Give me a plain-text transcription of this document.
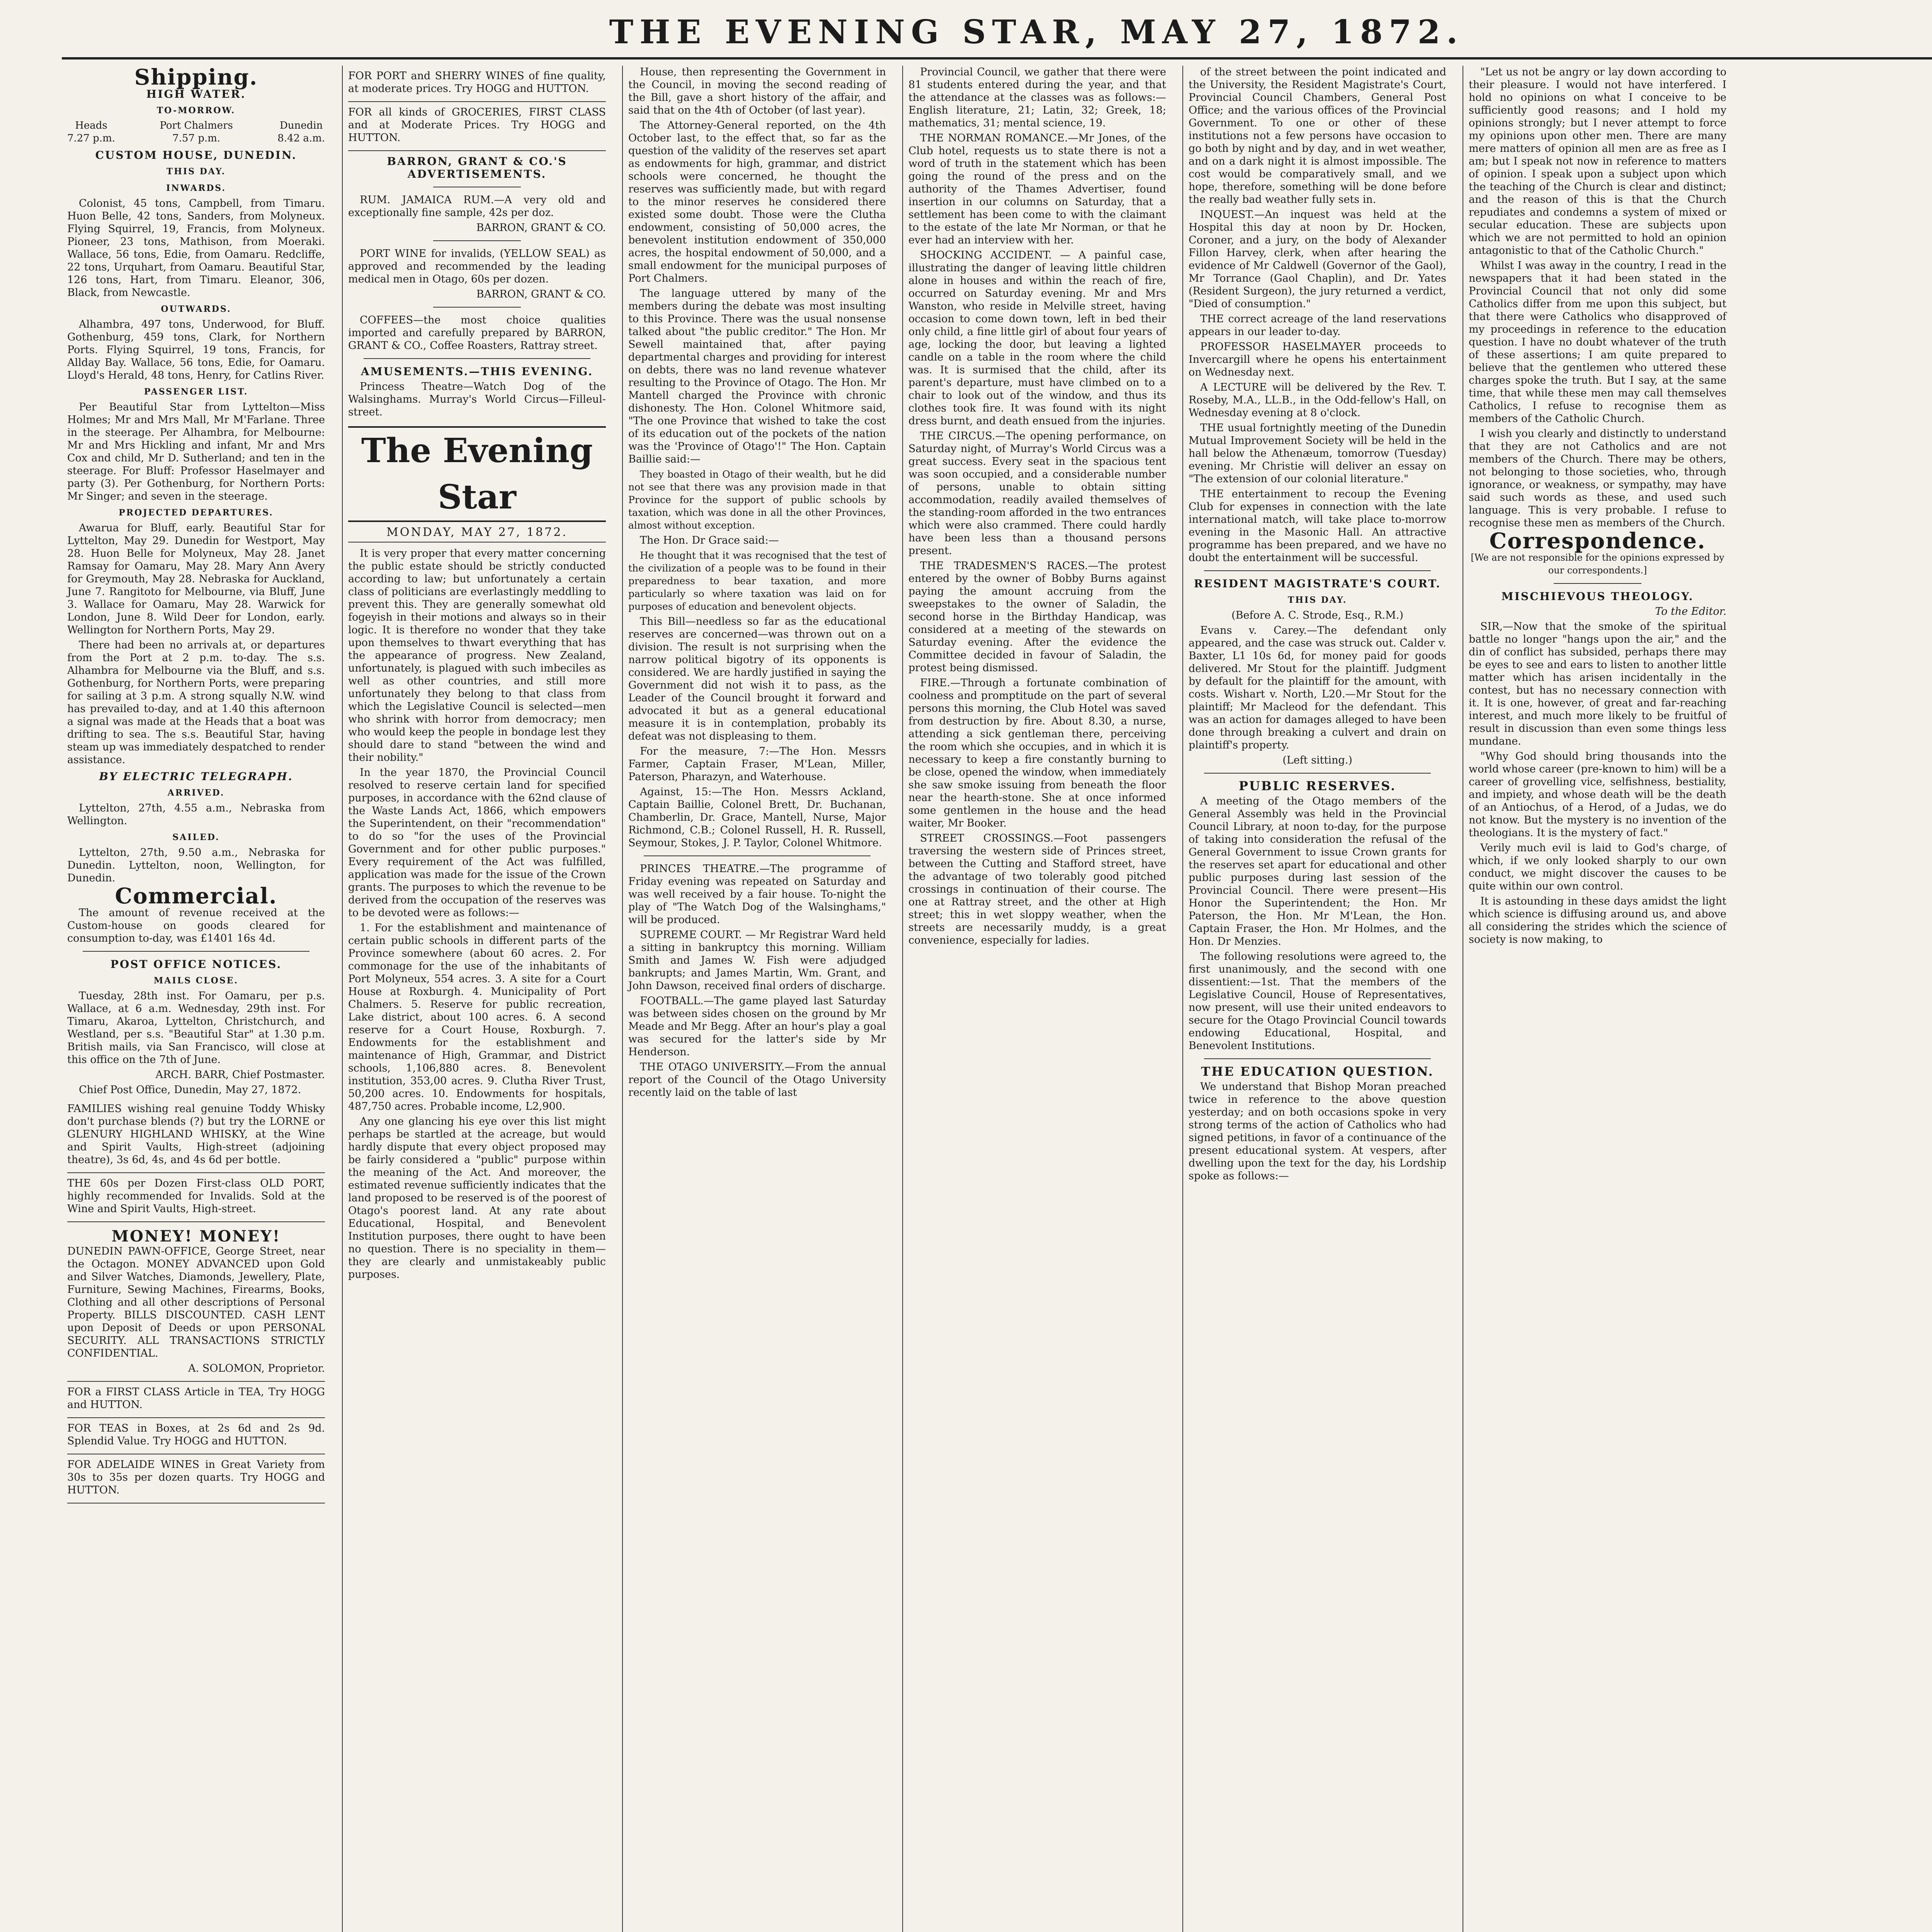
THE EVENING STAR, MAY 27, 1872.
Shipping.
HIGH WATER.
TO-MORROW.
Heads
7.27 p.m.
Port Chalmers
7.57 p.m.
Dunedin
8.42 a.m.
CUSTOM HOUSE, DUNEDIN.
THIS DAY.
INWARDS.

Colonist, 45 tons, Campbell, from Timaru. Huon Belle, 42 tons, Sanders, from Molyneux. Flying Squirrel, 19, Francis, from Molyneux. Pioneer, 23 tons, Mathison, from Moeraki. Wallace, 56 tons, Edie, from Oamaru. Redcliffe, 22 tons, Urquhart, from Oamaru. Beautiful Star, 126 tons, Hart, from Timaru. Eleanor, 306, Black, from Newcastle.

OUTWARDS.

Alhambra, 497 tons, Underwood, for Bluff. Gothenburg, 459 tons, Clark, for Northern Ports. Flying Squirrel, 19 tons, Francis, for Allday Bay. Wallace, 56 tons, Edie, for Oamaru. Lloyd's Herald, 48 tons, Henry, for Catlins River.

PASSENGER LIST.

Per Beautiful Star from Lyttelton—Miss Holmes; Mr and Mrs Mall, Mr M'Farlane. Three in the steerage. Per Alhambra, for Melbourne: Mr and Mrs Hickling and infant, Mr and Mrs Cox and child, Mr D. Sutherland; and ten in the steerage. For Bluff: Professor Haselmayer and party (3). Per Gothenburg, for Northern Ports: Mr Singer; and seven in the steerage.

PROJECTED DEPARTURES.

Awarua for Bluff, early. Beautiful Star for Lyttelton, May 29. Dunedin for Westport, May 28. Huon Belle for Molyneux, May 28. Janet Ramsay for Oamaru, May 28. Mary Ann Avery for Greymouth, May 28. Nebraska for Auckland, June 7. Rangitoto for Melbourne, via Bluff, June 3. Wallace for Oamaru, May 28. Warwick for London, June 8. Wild Deer for London, early. Wellington for Northern Ports, May 29.

There had been no arrivals at, or departures from the Port at 2 p.m. to-day. The s.s. Alhambra for Melbourne via the Bluff, and s.s. Gothenburg, for Northern Ports, were preparing for sailing at 3 p.m. A strong squally N.W. wind has prevailed to-day, and at 1.40 this afternoon a signal was made at the Heads that a boat was drifting to sea. The s.s. Beautiful Star, having steam up was immediately despatched to render assistance.

BY ELECTRIC TELEGRAPH.
ARRIVED.

Lyttelton, 27th, 4.55 a.m., Nebraska from Wellington.

SAILED.

Lyttelton, 27th, 9.50 a.m., Nebraska for Dunedin. Lyttelton, noon, Wellington, for Dunedin.

Commercial.

The amount of revenue received at the Custom-house on goods cleared for consumption to-day, was £1401 16s 4d.

POST OFFICE NOTICES.
MAILS CLOSE.

Tuesday, 28th inst. For Oamaru, per p.s. Wallace, at 6 a.m. Wednesday, 29th inst. For Timaru, Akaroa, Lyttelton, Christchurch, and Westland, per s.s. "Beautiful Star" at 1.30 p.m. British mails, via San Francisco, will close at this office on the 7th of June.

ARCH. BARR, Chief Postmaster.

Chief Post Office, Dunedin, May 27, 1872.

FAMILIES wishing real genuine Toddy Whisky don't purchase blends (?) but try the LORNE or GLENURY HIGHLAND WHISKY, at the Wine and Spirit Vaults, High-street (adjoining theatre), 3s 6d, 4s, and 4s 6d per bottle.

THE 60s per Dozen First-class OLD PORT, highly recommended for Invalids. Sold at the Wine and Spirit Vaults, High-street.

MONEY! MONEY!

DUNEDIN PAWN-OFFICE, George Street, near the Octagon. MONEY ADVANCED upon Gold and Silver Watches, Diamonds, Jewellery, Plate, Furniture, Sewing Machines, Firearms, Books, Clothing and all other descriptions of Personal Property. BILLS DISCOUNTED. CASH LENT upon Deposit of Deeds or upon PERSONAL SECURITY. ALL TRANSACTIONS STRICTLY CONFIDENTIAL.

A. SOLOMON, Proprietor.

FOR a FIRST CLASS Article in TEA, Try HOGG and HUTTON.

FOR TEAS in Boxes, at 2s 6d and 2s 9d. Splendid Value. Try HOGG and HUTTON.

FOR ADELAIDE WINES in Great Variety from 30s to 35s per dozen quarts. Try HOGG and HUTTON.

FOR PORT and SHERRY WINES of fine quality, at moderate prices. Try HOGG and HUTTON.

FOR all kinds of GROCERIES, FIRST CLASS and at Moderate Prices. Try HOGG and HUTTON.

BARRON, GRANT & CO.'S ADVERTISEMENTS.

RUM. JAMAICA RUM.—A very old and exceptionally fine sample, 42s per doz.

BARRON, GRANT & CO.

PORT WINE for invalids, (YELLOW SEAL) as approved and recommended by the leading medical men in Otago, 60s per dozen.

BARRON, GRANT & CO.

COFFEES—the most choice qualities imported and carefully prepared by BARRON, GRANT & CO., Coffee Roasters, Rattray street.

AMUSEMENTS.—THIS EVENING.

Princess Theatre—Watch Dog of the Walsinghams. Murray's World Circus—Filleul-street.

The Evening Star
MONDAY, MAY 27, 1872.

It is very proper that every matter concerning the public estate should be strictly conducted according to law; but unfortunately a certain class of politicians are everlastingly meddling to prevent this. They are generally somewhat old fogeyish in their motions and always so in their logic. It is therefore no wonder that they take upon themselves to thwart everything that has the appearance of progress. New Zealand, unfortunately, is plagued with such imbeciles as well as other countries, and still more unfortunately they belong to that class from which the Legislative Council is selected—men who shrink with horror from democracy; men who would keep the people in bondage lest they should dare to stand "between the wind and their nobility."

In the year 1870, the Provincial Council resolved to reserve certain land for specified purposes, in accordance with the 62nd clause of the Waste Lands Act, 1866, which empowers the Superintendent, on their "recommendation" to do so "for the uses of the Provincial Government and for other public purposes." Every requirement of the Act was fulfilled, application was made for the issue of the Crown grants. The purposes to which the revenue to be derived from the occupation of the reserves was to be devoted were as follows:—

1. For the establishment and maintenance of certain public schools in different parts of the Province somewhere (about 60 acres. 2. For commonage for the use of the inhabitants of Port Molyneux, 554 acres. 3. A site for a Court House at Roxburgh. 4. Municipality of Port Chalmers. 5. Reserve for public recreation, Lake district, about 100 acres. 6. A second reserve for a Court House, Roxburgh. 7. Endowments for the establishment and maintenance of High, Grammar, and District schools, 1,106,880 acres. 8. Benevolent institution, 353,00 acres. 9. Clutha River Trust, 50,200 acres. 10. Endowments for hospitals, 487,750 acres. Probable income, L2,900.

Any one glancing his eye over this list might perhaps be startled at the acreage, but would hardly dispute that every object proposed may be fairly considered a "public" purpose within the meaning of the Act. And moreover, the estimated revenue sufficiently indicates that the land proposed to be reserved is of the poorest of Otago's poorest land. At any rate about Educational, Hospital, and Benevolent Institution purposes, there ought to have been no question. There is no speciality in them—they are clearly and unmistakeably public purposes.

House, then representing the Government in the Council, in moving the second reading of the Bill, gave a short history of the affair, and said that on the 4th of October (of last year).

The Attorney-General reported, on the 4th October last, to the effect that, so far as the question of the validity of the reserves set apart as endowments for high, grammar, and district schools were concerned, he thought the reserves was sufficiently made, but with regard to the minor reserves he considered there existed some doubt. Those were the Clutha endowment, consisting of 50,000 acres, the benevolent institution endowment of 350,000 acres, the hospital endowment of 50,000, and a small endowment for the municipal purposes of Port Chalmers.

The language uttered by many of the members during the debate was most insulting to this Province. There was the usual nonsense talked about "the public creditor." The Hon. Mr Sewell maintained that, after paying departmental charges and providing for interest on debts, there was no land revenue whatever resulting to the Province of Otago. The Hon. Mr Mantell charged the Province with chronic dishonesty. The Hon. Colonel Whitmore said, "The one Province that wished to take the cost of its education out of the pockets of the nation was the 'Province of Otago'!" The Hon. Captain Baillie said:—

They boasted in Otago of their wealth, but he did not see that there was any provision made in that Province for the support of public schools by taxation, which was done in all the other Provinces, almost without exception.

The Hon. Dr Grace said:—

He thought that it was recognised that the test of the civilization of a people was to be found in their preparedness to bear taxation, and more particularly so where taxation was laid on for purposes of education and benevolent objects.

This Bill—needless so far as the educational reserves are concerned—was thrown out on a division. The result is not surprising when the narrow political bigotry of its opponents is considered. We are hardly justified in saying the Government did not wish it to pass, as the Leader of the Council brought it forward and advocated it but as a general educational measure it is in contemplation, probably its defeat was not displeasing to them.

For the measure, 7:—The Hon. Messrs Farmer, Captain Fraser, M'Lean, Miller, Paterson, Pharazyn, and Waterhouse.

Against, 15:—The Hon. Messrs Ackland, Captain Baillie, Colonel Brett, Dr. Buchanan, Chamberlin, Dr. Grace, Mantell, Nurse, Major Richmond, C.B.; Colonel Russell, H. R. Russell, Seymour, Stokes, J. P. Taylor, Colonel Whitmore.

PRINCES THEATRE.—The programme of Friday evening was repeated on Saturday and was well received by a fair house. To-night the play of "The Watch Dog of the Walsinghams," will be produced.

SUPREME COURT. — Mr Registrar Ward held a sitting in bankruptcy this morning. William Smith and James W. Fish were adjudged bankrupts; and James Martin, Wm. Grant, and John Dawson, received final orders of discharge.

FOOTBALL.—The game played last Saturday was between sides chosen on the ground by Mr Meade and Mr Begg. After an hour's play a goal was secured for the latter's side by Mr Henderson.

THE OTAGO UNIVERSITY.—From the annual report of the Council of the Otago University recently laid on the table of last

Provincial Council, we gather that there were 81 students entered during the year, and that the attendance at the classes was as follows:—English literature, 21; Latin, 32; Greek, 18; mathematics, 31; mental science, 19.

THE NORMAN ROMANCE.—Mr Jones, of the Club hotel, requests us to state there is not a word of truth in the statement which has been going the round of the press and on the authority of the Thames Advertiser, found insertion in our columns on Saturday, that a settlement has been come to with the claimant to the estate of the late Mr Norman, or that he ever had an interview with her.

SHOCKING ACCIDENT. — A painful case, illustrating the danger of leaving little children alone in houses and within the reach of fire, occurred on Saturday evening. Mr and Mrs Wanston, who reside in Melville street, having occasion to come down town, left in bed their only child, a fine little girl of about four years of age, locking the door, but leaving a lighted candle on a table in the room where the child was. It is surmised that the child, after its parent's departure, must have climbed on to a chair to look out of the window, and thus its clothes took fire. It was found with its night dress burnt, and death ensued from the injuries.

THE CIRCUS.—The opening performance, on Saturday night, of Murray's World Circus was a great success. Every seat in the spacious tent was soon occupied, and a considerable number of persons, unable to obtain sitting accommodation, readily availed themselves of the standing-room afforded in the two entrances which were also crammed. There could hardly have been less than a thousand persons present.

THE TRADESMEN'S RACES.—The protest entered by the owner of Bobby Burns against paying the amount accruing from the sweepstakes to the owner of Saladin, the second horse in the Birthday Handicap, was considered at a meeting of the stewards on Saturday evening. After the evidence the Committee decided in favour of Saladin, the protest being dismissed.

FIRE.—Through a fortunate combination of coolness and promptitude on the part of several persons this morning, the Club Hotel was saved from destruction by fire. About 8.30, a nurse, attending a sick gentleman there, perceiving the room which she occupies, and in which it is necessary to keep a fire constantly burning to be close, opened the window, when immediately she saw smoke issuing from beneath the floor near the hearth-stone. She at once informed some gentlemen in the house and the head waiter, Mr Booker.

STREET CROSSINGS.—Foot passengers traversing the western side of Princes street, between the Cutting and Stafford street, have the advantage of two tolerably good pitched crossings in continuation of their course. The one at Rattray street, and the other at High street; this in wet sloppy weather, when the streets are necessarily muddy, is a great convenience, especially for ladies.

of the street between the point indicated and the University, the Resident Magistrate's Court, Provincial Council Chambers, General Post Office; and the various offices of the Provincial Government. To one or other of these institutions not a few persons have occasion to go both by night and by day, and in wet weather, and on a dark night it is almost impossible. The cost would be comparatively small, and we hope, therefore, something will be done before the really bad weather fully sets in.

INQUEST.—An inquest was held at the Hospital this day at noon by Dr. Hocken, Coroner, and a jury, on the body of Alexander Fillon Harvey, clerk, when after hearing the evidence of Mr Caldwell (Governor of the Gaol), Mr Torrance (Gaol Chaplin), and Dr. Yates (Resident Surgeon), the jury returned a verdict, "Died of consumption."

THE correct acreage of the land reservations appears in our leader to-day.

PROFESSOR HASELMAYER proceeds to Invercargill where he opens his entertainment on Wednesday next.

A LECTURE will be delivered by the Rev. T. Roseby, M.A., LL.B., in the Odd-fellow's Hall, on Wednesday evening at 8 o'clock.

THE usual fortnightly meeting of the Dunedin Mutual Improvement Society will be held in the hall below the Athenæum, tomorrow (Tuesday) evening. Mr Christie will deliver an essay on "The extension of our colonial literature."

THE entertainment to recoup the Evening Club for expenses in connection with the late international match, will take place to-morrow evening in the Masonic Hall. An attractive programme has been prepared, and we have no doubt the entertainment will be successful.

RESIDENT MAGISTRATE'S COURT.
THIS DAY.

(Before A. C. Strode, Esq., R.M.)

Evans v. Carey.—The defendant only appeared, and the case was struck out. Calder v. Baxter, L1 10s 6d, for money paid for goods delivered. Mr Stout for the plaintiff. Judgment by default for the plaintiff for the amount, with costs. Wishart v. North, L20.—Mr Stout for the plaintiff; Mr Macleod for the defendant. This was an action for damages alleged to have been done through breaking a culvert and drain on plaintiff's property.

(Left sitting.)

PUBLIC RESERVES.

A meeting of the Otago members of the General Assembly was held in the Provincial Council Library, at noon to-day, for the purpose of taking into consideration the refusal of the General Government to issue Crown grants for the reserves set apart for educational and other public purposes during last session of the Provincial Council. There were present—His Honor the Superintendent; the Hon. Mr Paterson, the Hon. Mr M'Lean, the Hon. Captain Fraser, the Hon. Mr Holmes, and the Hon. Dr Menzies.

The following resolutions were agreed to, the first unanimously, and the second with one dissentient:—1st. That the members of the Legislative Council, House of Representatives, now present, will use their united endeavors to secure for the Otago Provincial Council towards endowing Educational, Hospital, and Benevolent Institutions.

THE EDUCATION QUESTION.

We understand that Bishop Moran preached twice in reference to the above question yesterday; and on both occasions spoke in very strong terms of the action of Catholics who had signed petitions, in favor of a continuance of the present educational system. At vespers, after dwelling upon the text for the day, his Lordship spoke as follows:—

"Let us not be angry or lay down according to their pleasure. I would not have interfered. I hold no opinions on what I conceive to be sufficiently good reasons; and I hold my opinions strongly; but I never attempt to force my opinions upon other men. There are many mere matters of opinion all men are as free as I am; but I speak not now in reference to matters of opinion. I speak upon a subject upon which the teaching of the Church is clear and distinct; and the reason of this is that the Church repudiates and condemns a system of mixed or secular education. These are subjects upon which we are not permitted to hold an opinion antagonistic to that of the Catholic Church."

Whilst I was away in the country, I read in the newspapers that it had been stated in the Provincial Council that not only did some Catholics differ from me upon this subject, but that there were Catholics who disapproved of my proceedings in reference to the education question. I have no doubt whatever of the truth of these assertions; I am quite prepared to believe that the gentlemen who uttered these charges spoke the truth. But I say, at the same time, that while these men may call themselves Catholics, I refuse to recognise them as members of the Catholic Church.

I wish you clearly and distinctly to understand that they are not Catholics and are not members of the Church. There may be others, not belonging to those societies, who, through ignorance, or weakness, or sympathy, may have said such words as these, and used such language. This is very probable. I refuse to recognise these men as members of the Church.

Correspondence.

[We are not responsible for the opinions expressed by our correspondents.]

MISCHIEVOUS THEOLOGY.

To the Editor.

SIR,—Now that the smoke of the spiritual battle no longer "hangs upon the air," and the din of conflict has subsided, perhaps there may be eyes to see and ears to listen to another little matter which has arisen incidentally in the contest, but has no necessary connection with it. It is one, however, of great and far-reaching interest, and much more likely to be fruitful of result in discussion than even some things less mundane.

"Why God should bring thousands into the world whose career (pre-known to him) will be a career of grovelling vice, selfishness, bestiality, and impiety, and whose death will be the death of an Antiochus, of a Herod, of a Judas, we do not know. But the mystery is no invention of the theologians. It is the mystery of fact."

Verily much evil is laid to God's charge, of which, if we only looked sharply to our own conduct, we might discover the causes to be quite within our own control.

It is astounding in these days amidst the light which science is diffusing around us, and above all considering the strides which the science of society is now making, to
